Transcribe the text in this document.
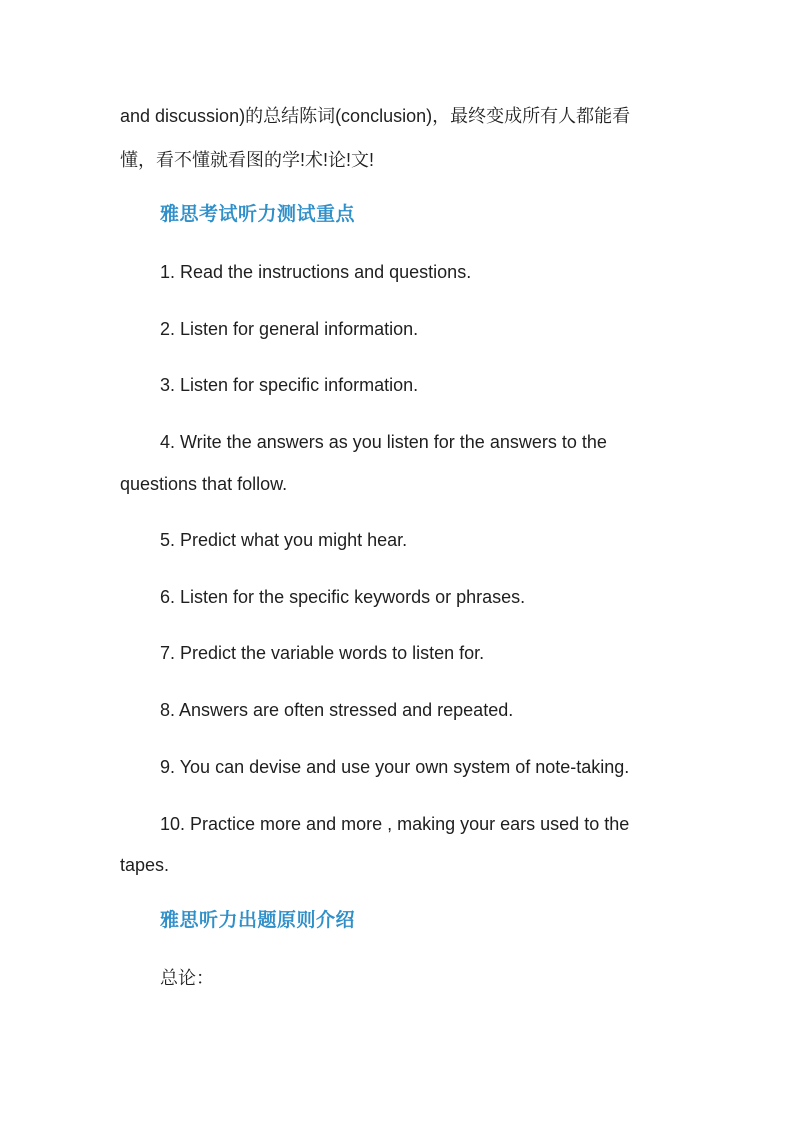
and discussion)的总结陈词(conclusion)，最终变成所有人都能看
懂，看不懂就看图的学!术!论!文!
雅思考试听力测试重点
1. Read the instructions and questions.
2. Listen for general information.
3. Listen for specific information.
4. Write the answers as you listen for the answers to the
questions that follow.
5. Predict what you might hear.
6. Listen for the specific keywords or phrases.
7. Predict the variable words to listen for.
8. Answers are often stressed and repeated.
9. You can devise and use your own system of note-taking.
10. Practice more and more , making your ears used to the
tapes.
雅思听力出题原则介绍
总论：
